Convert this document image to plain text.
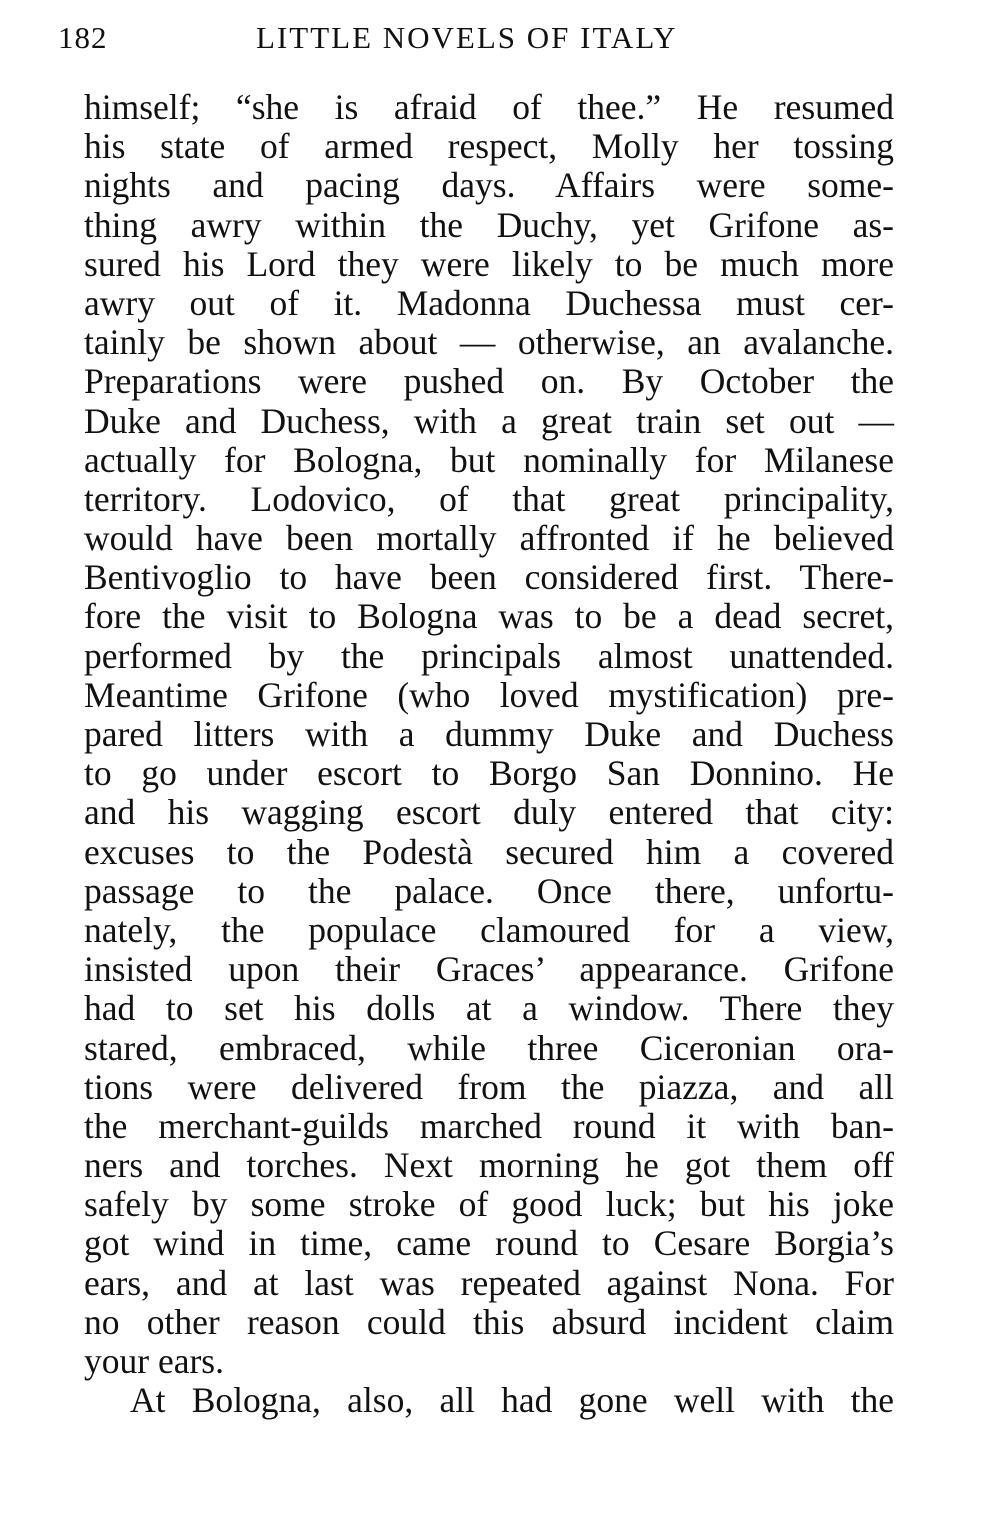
182	LITTLE NOVELS OF ITALY
himself; “she is afraid of thee.” He resumed
his state of armed respect, Molly her tossing
nights and pacing days. Affairs were some-
thing awry within the Duchy, yet Grifone as-
sured his Lord they were likely to be much more
awry out of it. Madonna Duchessa must cer-
tainly be shown about — otherwise, an avalanche.
Preparations were pushed on. By October the
Duke and Duchess, with a great train set out —
actually for Bologna, but nominally for Milanese
territory. Lodovico, of that great principality,
would have been mortally affronted if he believed
Bentivoglio to have been considered first. There-
fore the visit to Bologna was to be a dead secret,
performed by the principals almost unattended.
Meantime Grifone (who loved mystification) pre-
pared litters with a dummy Duke and Duchess
to go under escort to Borgo San Donnino. He
and his wagging escort duly entered that city:
excuses to the Podestà secured him a covered
passage to the palace. Once there, unfortu-
nately, the populace clamoured for a view,
insisted upon their Graces’ appearance. Grifone
had to set his dolls at a window. There they
stared, embraced, while three Ciceronian ora-
tions were delivered from the piazza, and all
the merchant-guilds marched round it with ban-
ners and torches. Next morning he got them off
safely by some stroke of good luck; but his joke
got wind in time, came round to Cesare Borgia’s
ears, and at last was repeated against Nona. For
no other reason could this absurd incident claim
your ears.
At Bologna, also, all had gone well with the
